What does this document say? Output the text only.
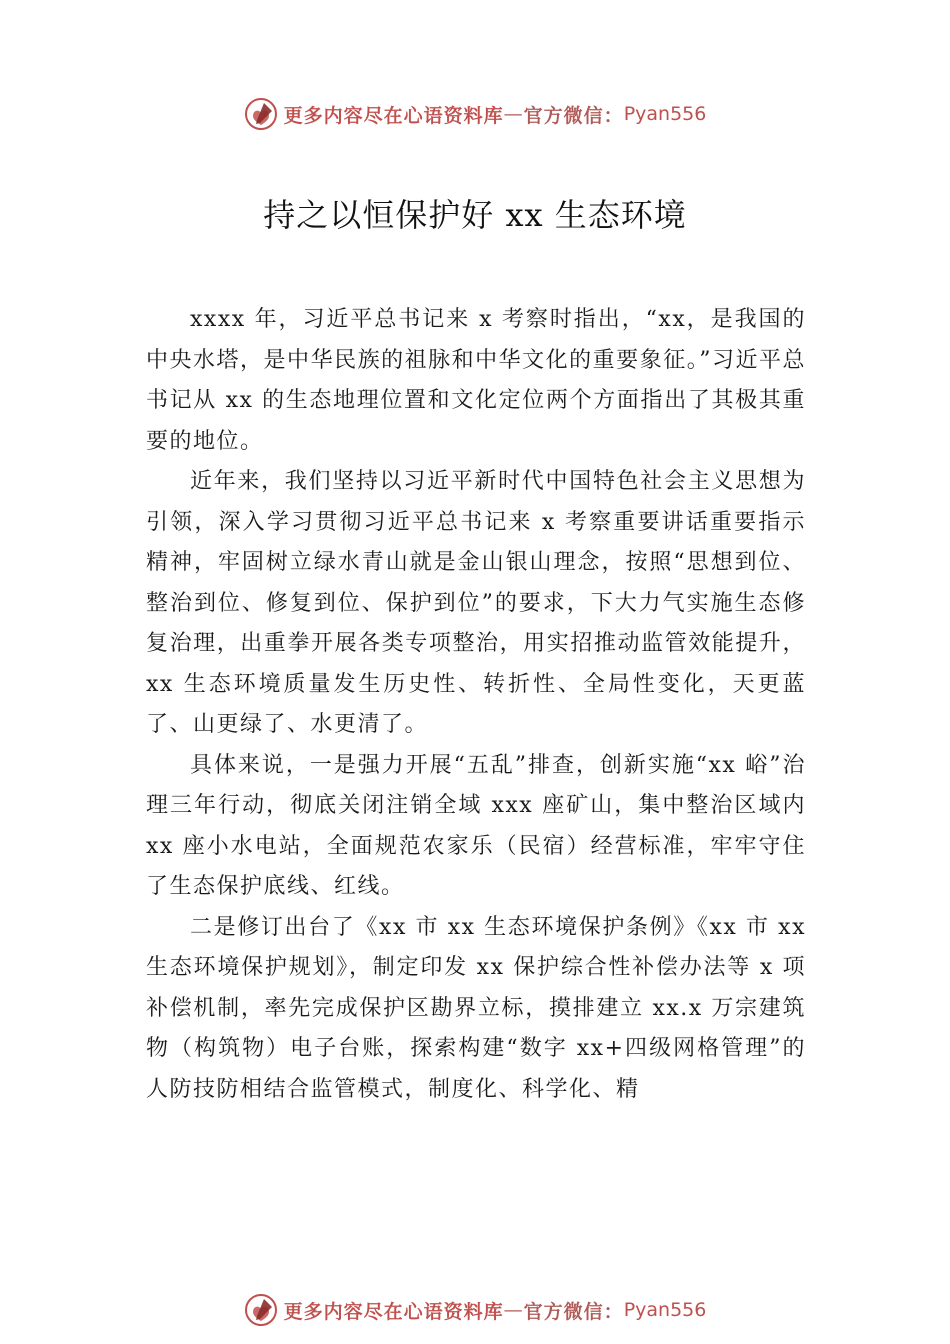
更多内容尽在心语资料库 — 官方微信： Pyan556
持之以恒保护好 xx 生态环境

xxxx 年，习近平总书记来 x 考察时指出，“xx，是我国的中央水塔，是中华民族的祖脉和中华文化的重要象征。”习近平总书记从 xx 的生态地理位置和文化定位两个方面指出了其极其重要的地位。

近年来，我们坚持以习近平新时代中国特色社会主义思想为引领，深入学习贯彻习近平总书记来 x 考察重要讲话重要指示精神，牢固树立绿水青山就是金山银山理念，按照“思想到位、整治到位、修复到位、保护到位”的要求，下大力气实施生态修复治理，出重拳开展各类专项整治，用实招推动监管效能提升，xx 生态环境质量发生历史性、转折性、全局性变化，天更蓝了、山更绿了、水更清了。

具体来说，一是强力开展“五乱”排查，创新实施“xx 峪”治理三年行动，彻底关闭注销全域 xxx 座矿山，集中整治区域内 xx 座小水电站，全面规范农家乐（民宿）经营标准，牢牢守住了生态保护底线、红线。

二是修订出台了《xx 市 xx 生态环境保护条例》《xx 市 xx 生态环境保护规划》，制定印发 xx 保护综合性补偿办法等 x 项补偿机制，率先完成保护区勘界立标，摸排建立 xx.x 万宗建筑物（构筑物）电子台账，探索构建“数字 xx+四级网格管理”的人防技防相结合监管模式，制度化、科学化、精

更多内容尽在心语资料库 — 官方微信： Pyan556
